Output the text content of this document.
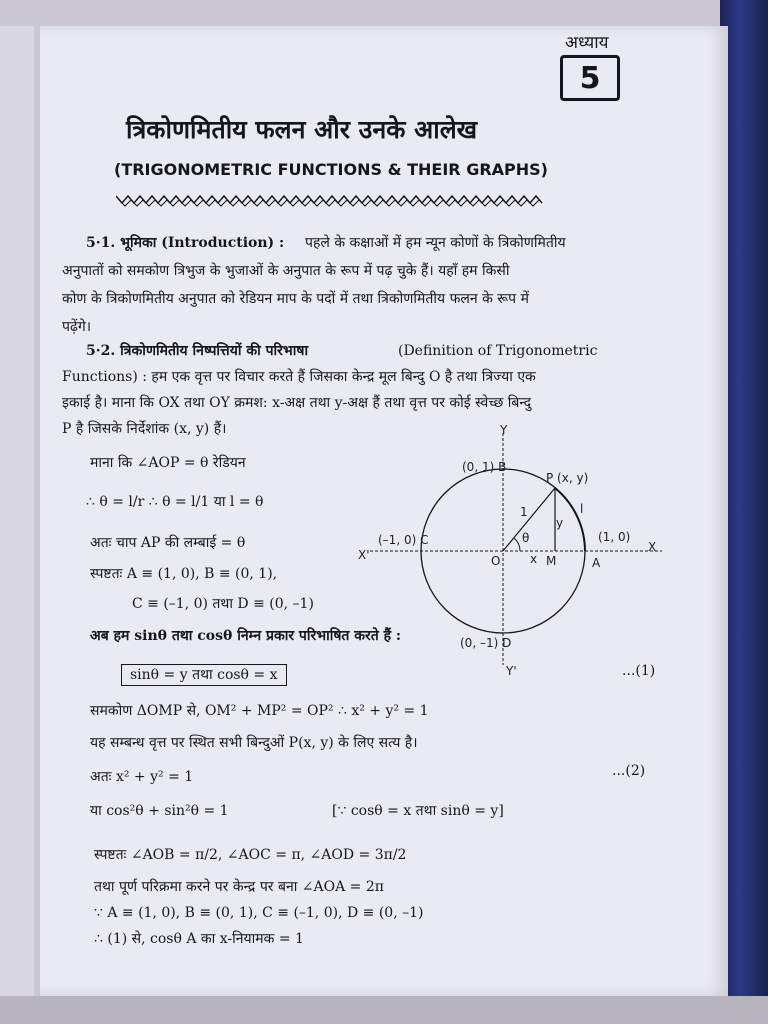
अध्याय
5
त्रिकोणमितीय फलन और उनके आलेख
(TRIGONOMETRIC FUNCTIONS & THEIR GRAPHS)
5·1. भूमिका (Introduction) : पहले के कक्षाओं में हम न्यून कोणों के त्रिकोणमितीय
अनुपातों को समकोण त्रिभुज के भुजाओं के अनुपात के रूप में पढ़ चुके हैं। यहाँ हम किसी
कोण के त्रिकोणमितीय अनुपात को रेडियन माप के पदों में तथा त्रिकोणमितीय फलन के रूप में
पढ़ेंगे।
5·2. त्रिकोणमितीय निष्पत्तियों की परिभाषा	(Definition of Trigonometric
Functions) : हम एक वृत्त पर विचार करते हैं जिसका केन्द्र मूल बिन्दु O है तथा त्रिज्या एक
इकाई है। माना कि OX तथा OY क्रमश: x-अक्ष तथा y-अक्ष हैं तथा वृत्त पर कोई स्वेच्छ बिन्दु
P है जिसके निर्देशांक (x, y) हैं।
माना कि ∠AOP = θ रेडियन
∴ θ = l/r ∴ θ = l/1 या l = θ
अतः चाप AP की लम्बाई = θ
स्पष्टतः A ≡ (1, 0), B ≡ (0, 1),
C ≡ (–1, 0) तथा D ≡ (0, –1)
Y
Y'
X'
X
(0, 1) B
(0, –1) D
(–1, 0) C	(1, 0)
P (x, y)
O	M	A
θ
x
y
l
1
अब हम sinθ तथा cosθ निम्न प्रकार परिभाषित करते हैं :
sinθ = y तथा cosθ = x	...(1)
समकोण ΔOMP से, OM² + MP² = OP² ∴ x² + y² = 1
यह सम्बन्ध वृत्त पर स्थित सभी बिन्दुओं P(x, y) के लिए सत्य है।
अतः x² + y² = 1	...(2)
या cos²θ + sin²θ = 1	[∵ cosθ = x तथा sinθ = y]
स्पष्टतः ∠AOB = π/2, ∠AOC = π, ∠AOD = 3π/2
तथा पूर्ण परिक्रमा करने पर केन्द्र पर बना ∠AOA = 2π
∵ A ≡ (1, 0), B ≡ (0, 1), C ≡ (–1, 0), D ≡ (0, –1)
∴ (1) से, cosθ A का x-नियामक = 1
